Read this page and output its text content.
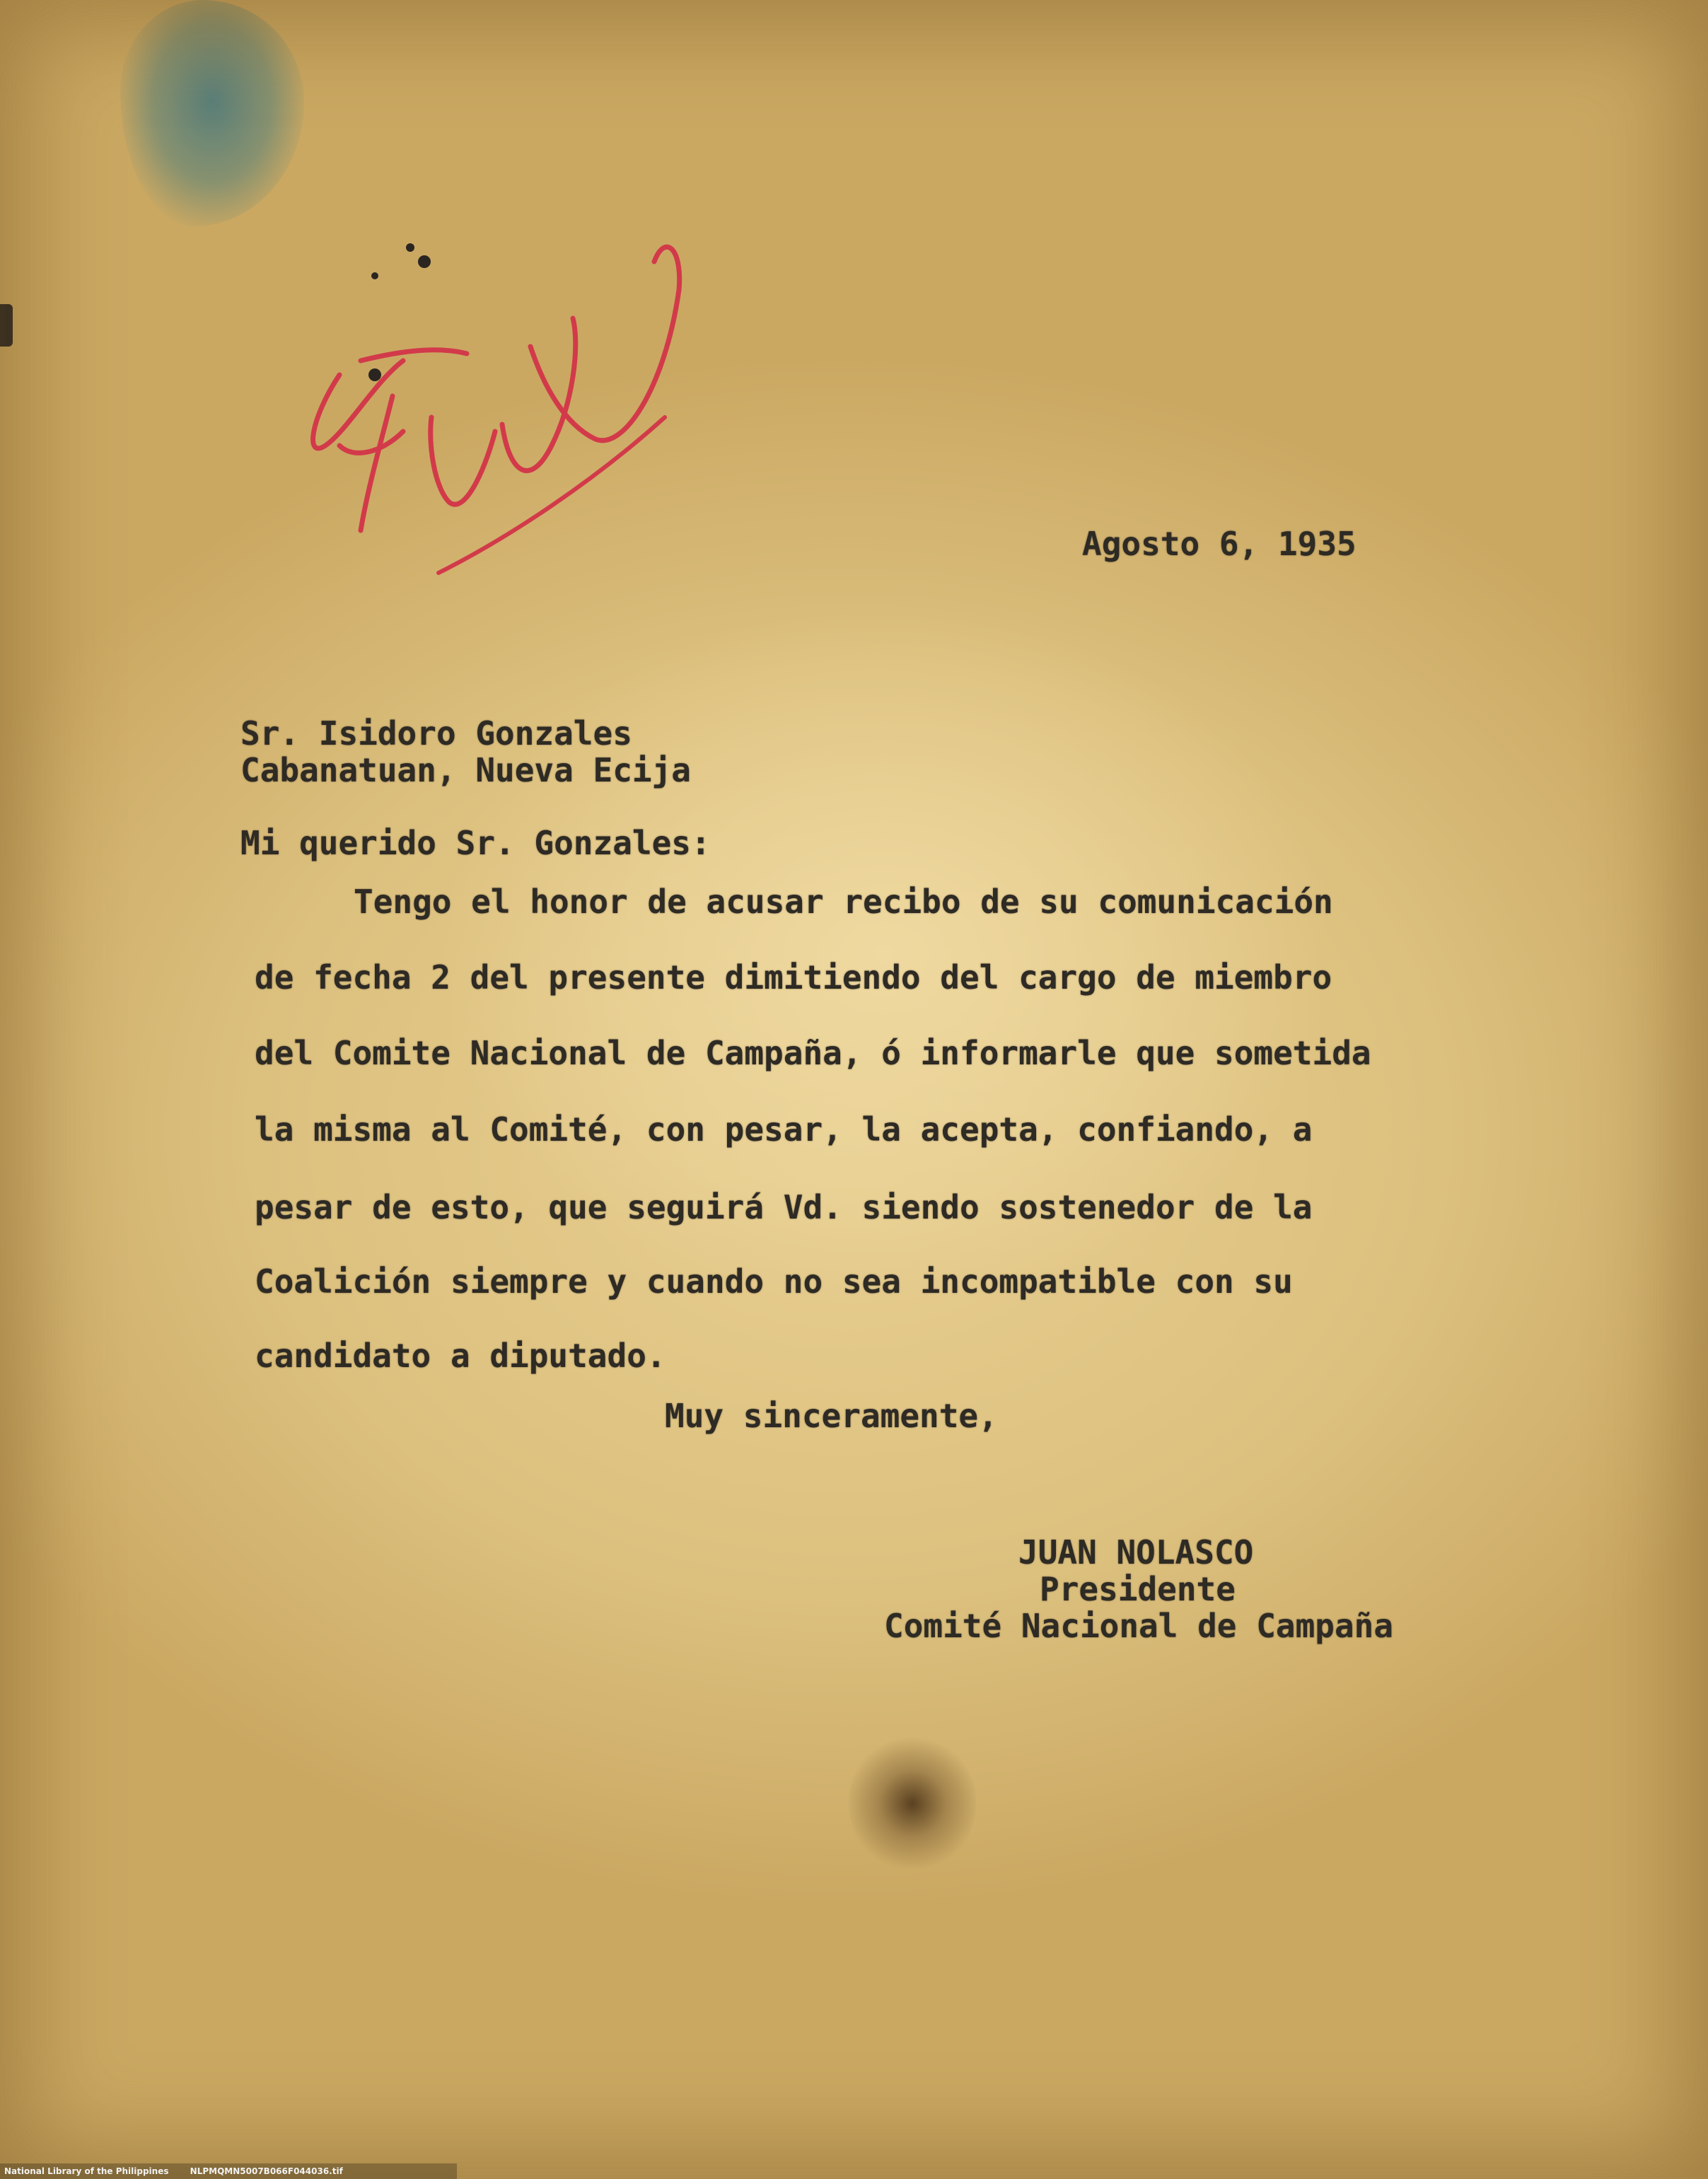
Agosto 6, 1935
Sr. Isidoro Gonzales
Cabanatuan, Nueva Ecija
Mi querido Sr. Gonzales:
Tengo el honor de acusar recibo de su comunicación
de fecha 2 del presente dimitiendo del cargo de miembro
del Comite Nacional de Campaña, ó informarle que sometida
la misma al Comité, con pesar, la acepta, confiando, a
pesar de esto, que seguirá Vd. siendo sostenedor de la
Coalición siempre y cuando no sea incompatible con su
candidato a diputado.
Muy sinceramente,
JUAN NOLASCO
Presidente
Comité Nacional de Campaña
National Library of the Philippines	NLPMQMN5007B066F044036.tif
